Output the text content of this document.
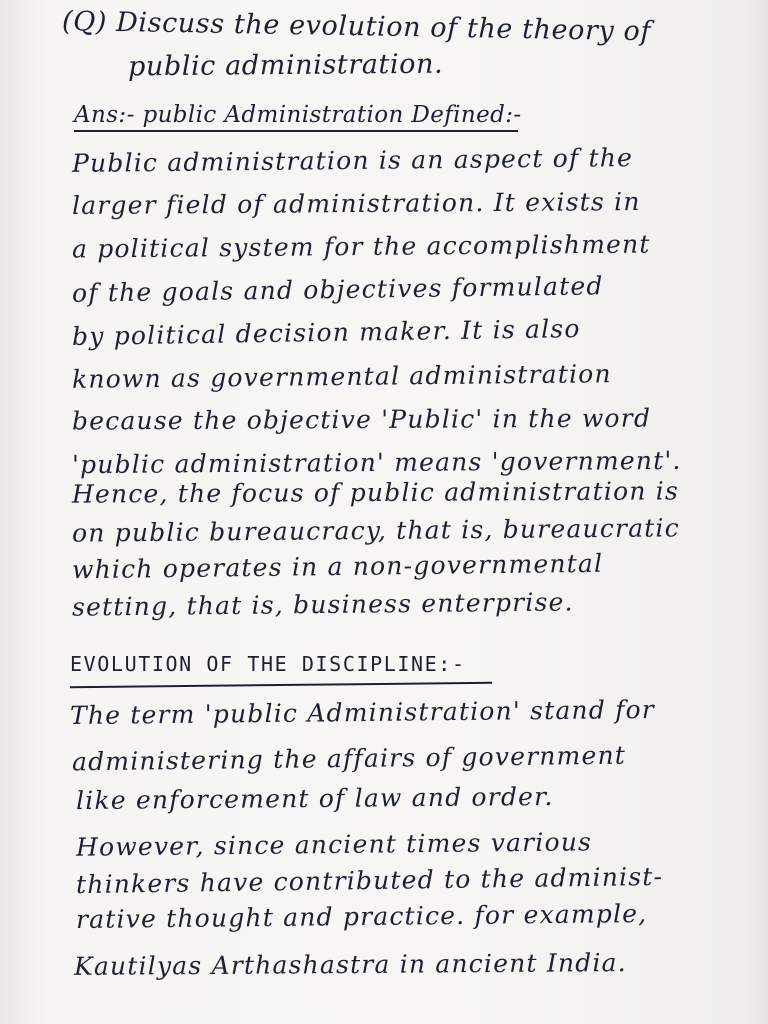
(Q) Discuss the evolution of the theory of
public administration.
Ans:- public Administration Defined:-
Public administration is an aspect of the
larger field of administration. It exists in
a political system for the accomplishment
of the goals and objectives formulated
by political decision maker. It is also
known as governmental administration
because the objective 'Public' in the word
'public administration' means 'government'.
Hence, the focus of public administration is
on public bureaucracy, that is, bureaucratic
which operates in a non-governmental
setting, that is, business enterprise.
EVOLUTION OF THE DISCIPLINE:-
The term 'public Administration' stand for
administering the affairs of government
like enforcement of law and order.
However, since ancient times various
thinkers have contributed to the administ-
rative thought and practice. for example,
Kautilyas Arthashastra in ancient India.
